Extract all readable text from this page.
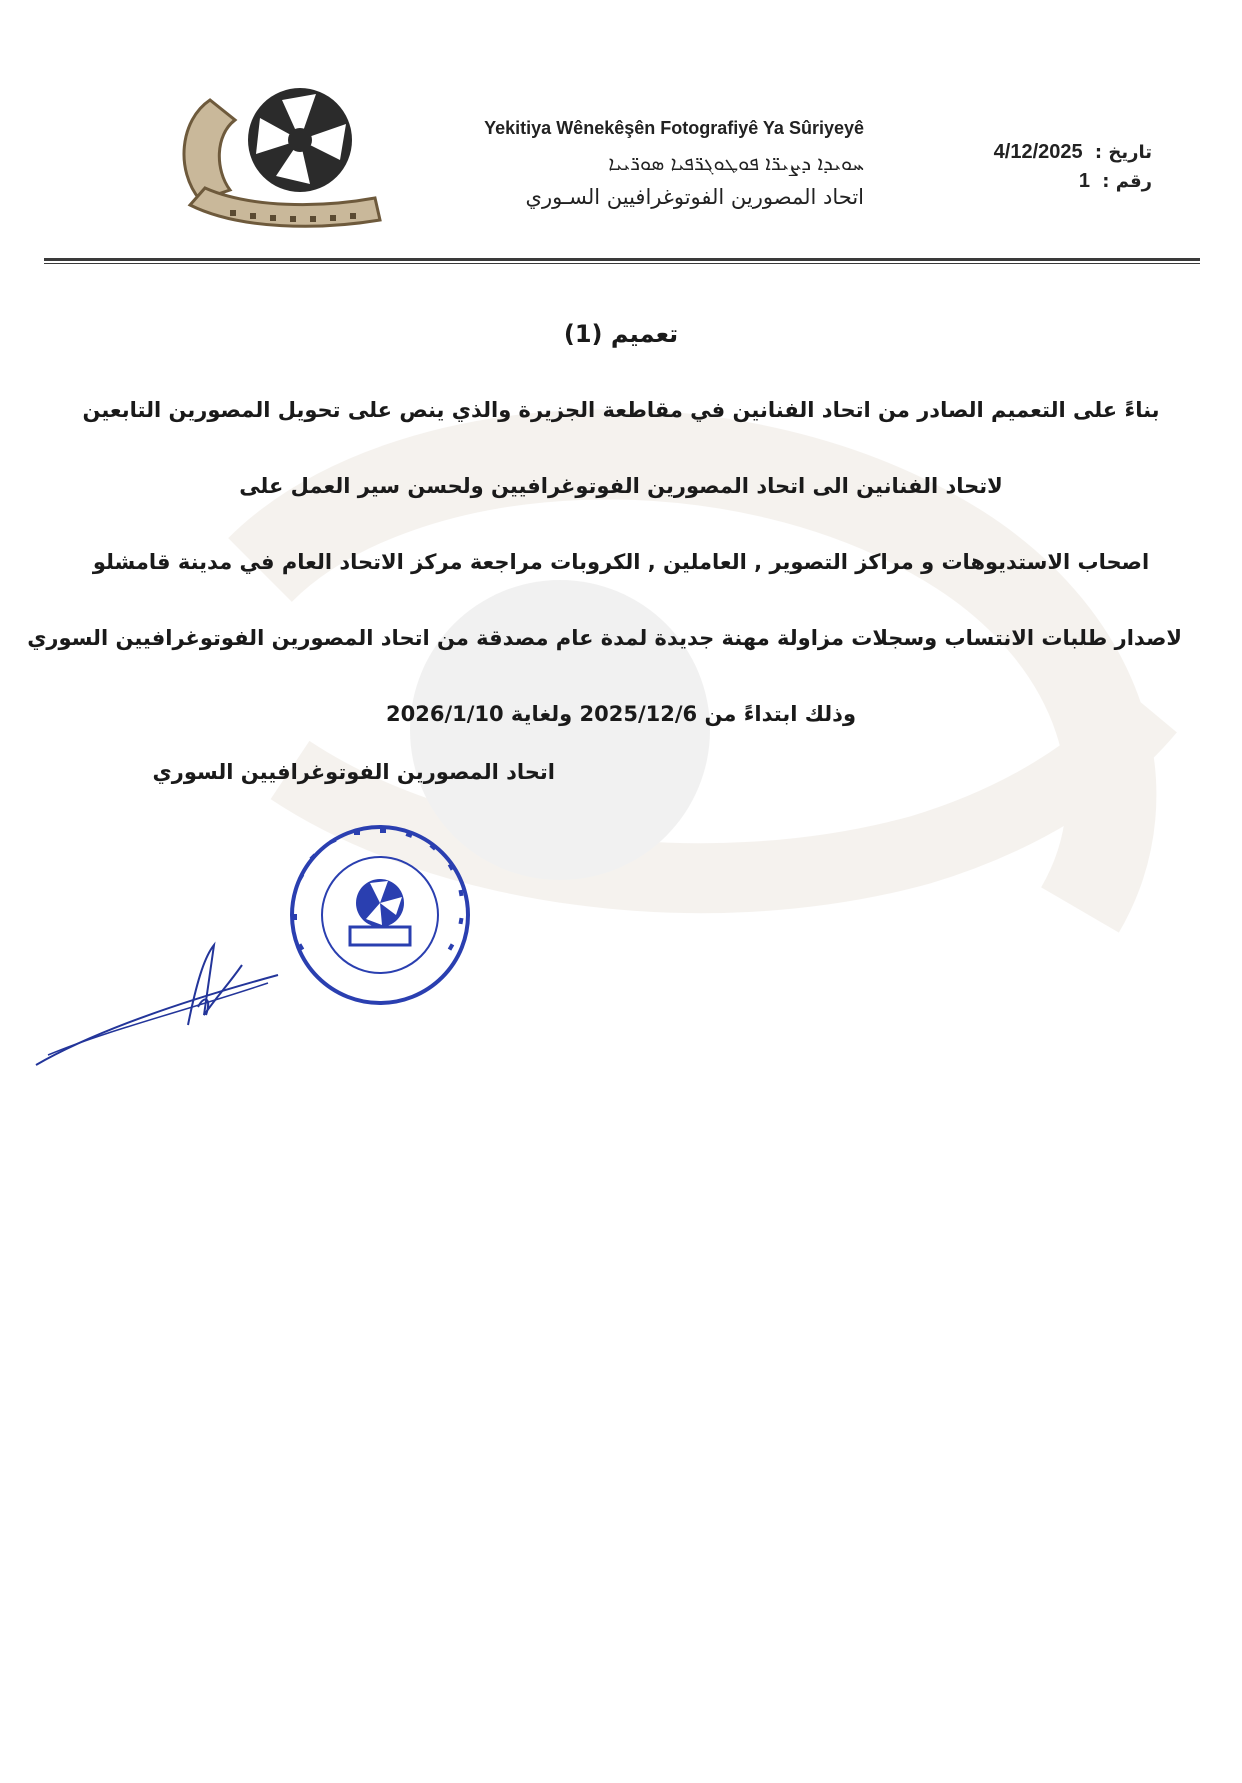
Yekitiya Wênekêşên Fotografiyê Ya Sûriyeyê
ܚܘܝܕܐ ܕܨܝܪ̈ܐ ܦܘܛܘܓܪ̈ܦܝܐ ܣܘܪ̈ܝܝܐ
اتحاد المصورين الفوتوغرافيين السـوري
تاريخ : 4/12/2025
رقم : 1
تعميم (1)
بناءً على التعميم الصادر من اتحاد الفنانين في مقاطعة الجزيرة والذي ينص على تحويل المصورين التابعين
لاتحاد الفنانين الى اتحاد المصورين الفوتوغرافيين ولحسن سير العمل على
اصحاب الاستديوهات و مراكز التصوير , العاملين , الكروبات مراجعة مركز الاتحاد العام في مدينة قامشلو
لاصدار طلبات الانتساب وسجلات مزاولة مهنة جديدة لمدة عام مصدقة من اتحاد المصورين الفوتوغرافيين السوري
وذلك ابتداءً من 2025/12/6 ولغاية 2026/1/10
اتحاد المصورين الفوتوغرافيين السوري
